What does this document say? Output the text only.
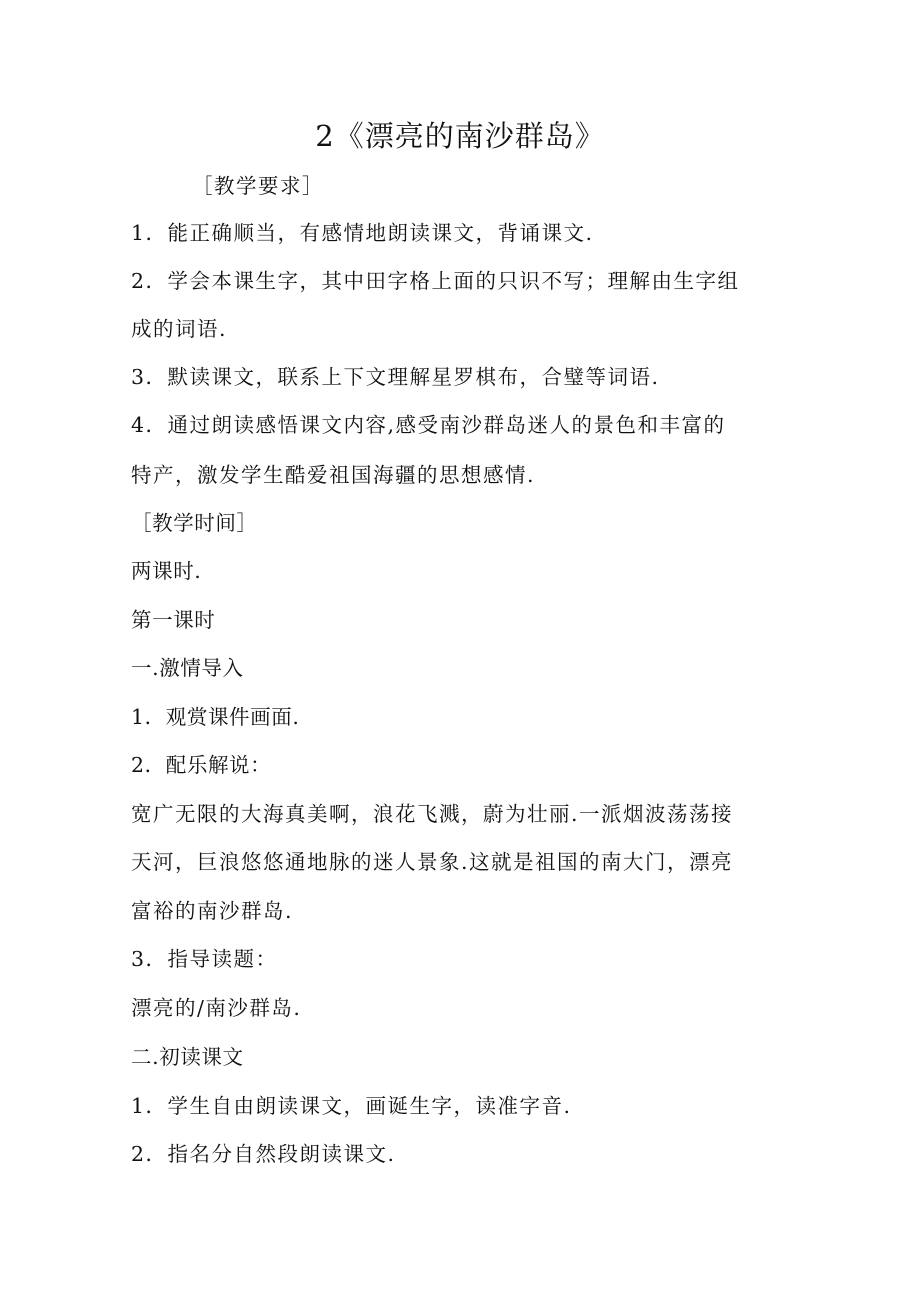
2《漂亮的南沙群岛》
［教学要求］
1．能正确顺当，有感情地朗读课文，背诵课文.
2．学会本课生字，其中田字格上面的只识不写；理解由生字组
成的词语.
3．默读课文，联系上下文理解星罗棋布，合璧等词语.
4．通过朗读感悟课文内容,感受南沙群岛迷人的景色和丰富的
特产，激发学生酷爱祖国海疆的思想感情.
［教学时间］
两课时.
第一课时
一.激情导入
1．观赏课件画面.
2．配乐解说：
宽广无限的大海真美啊，浪花飞溅，蔚为壮丽.一派烟波荡荡接
天河，巨浪悠悠通地脉的迷人景象.这就是祖国的南大门，漂亮
富裕的南沙群岛.
3．指导读题：
漂亮的/南沙群岛.
二.初读课文
1．学生自由朗读课文，画诞生字，读准字音.
2．指名分自然段朗读课文.
